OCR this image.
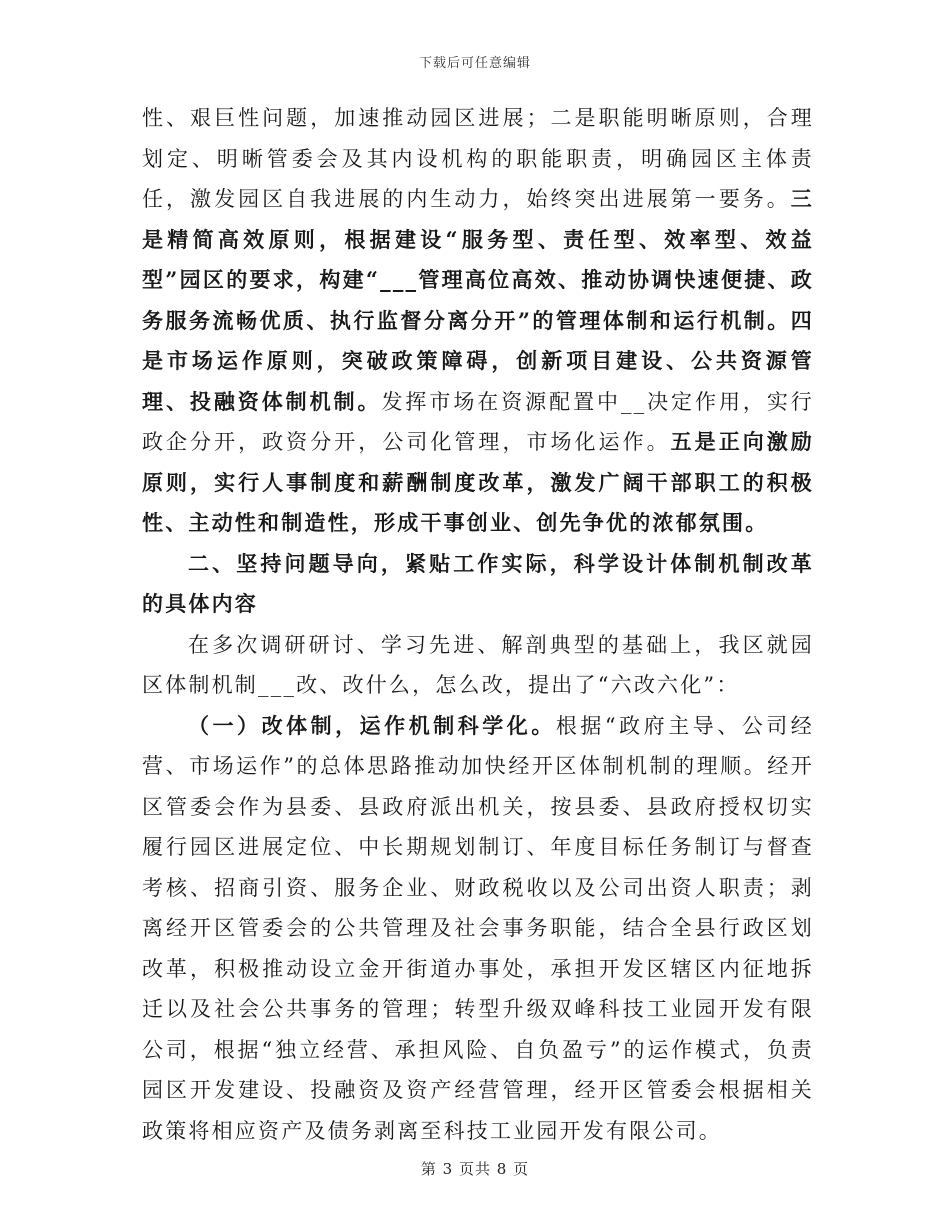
下载后可任意编辑

性、艰巨性问题，加速推动园区进展；二是职能明晰原则，合理划定、明晰管委会及其内设机构的职能职责，明确园区主体责任，激发园区自我进展的内生动力，始终突出进展第一要务。三是精简高效原则，根据建设“服务型、责任型、效率型、效益型”园区的要求，构建“___管理高位高效、推动协调快速便捷、政务服务流畅优质、执行监督分离分开”的管理体制和运行机制。四是市场运作原则，突破政策障碍，创新项目建设、公共资源管理、投融资体制机制。发挥市场在资源配置中__决定作用，实行政企分开，政资分开，公司化管理，市场化运作。五是正向激励原则，实行人事制度和薪酬制度改革，激发广阔干部职工的积极性、主动性和制造性，形成干事创业、创先争优的浓郁氛围。

二、坚持问题导向，紧贴工作实际，科学设计体制机制改革的具体内容

在多次调研研讨、学习先进、解剖典型的基础上，我区就园区体制机制___改、改什么，怎么改，提出了“六改六化”：

（一）改体制，运作机制科学化。根据“政府主导、公司经营、市场运作”的总体思路推动加快经开区体制机制的理顺。经开区管委会作为县委、县政府派出机关，按县委、县政府授权切实履行园区进展定位、中长期规划制订、年度目标任务制订与督查考核、招商引资、服务企业、财政税收以及公司出资人职责；剥离经开区管委会的公共管理及社会事务职能，结合全县行政区划改革，积极推动设立金开街道办事处，承担开发区辖区内征地拆迁以及社会公共事务的管理；转型升级双峰科技工业园开发有限公司，根据“独立经营、承担风险、自负盈亏”的运作模式，负责园区开发建设、投融资及资产经营管理，经开区管委会根据相关政策将相应资产及债务剥离至科技工业园开发有限公司。

第 3 页共 8 页
